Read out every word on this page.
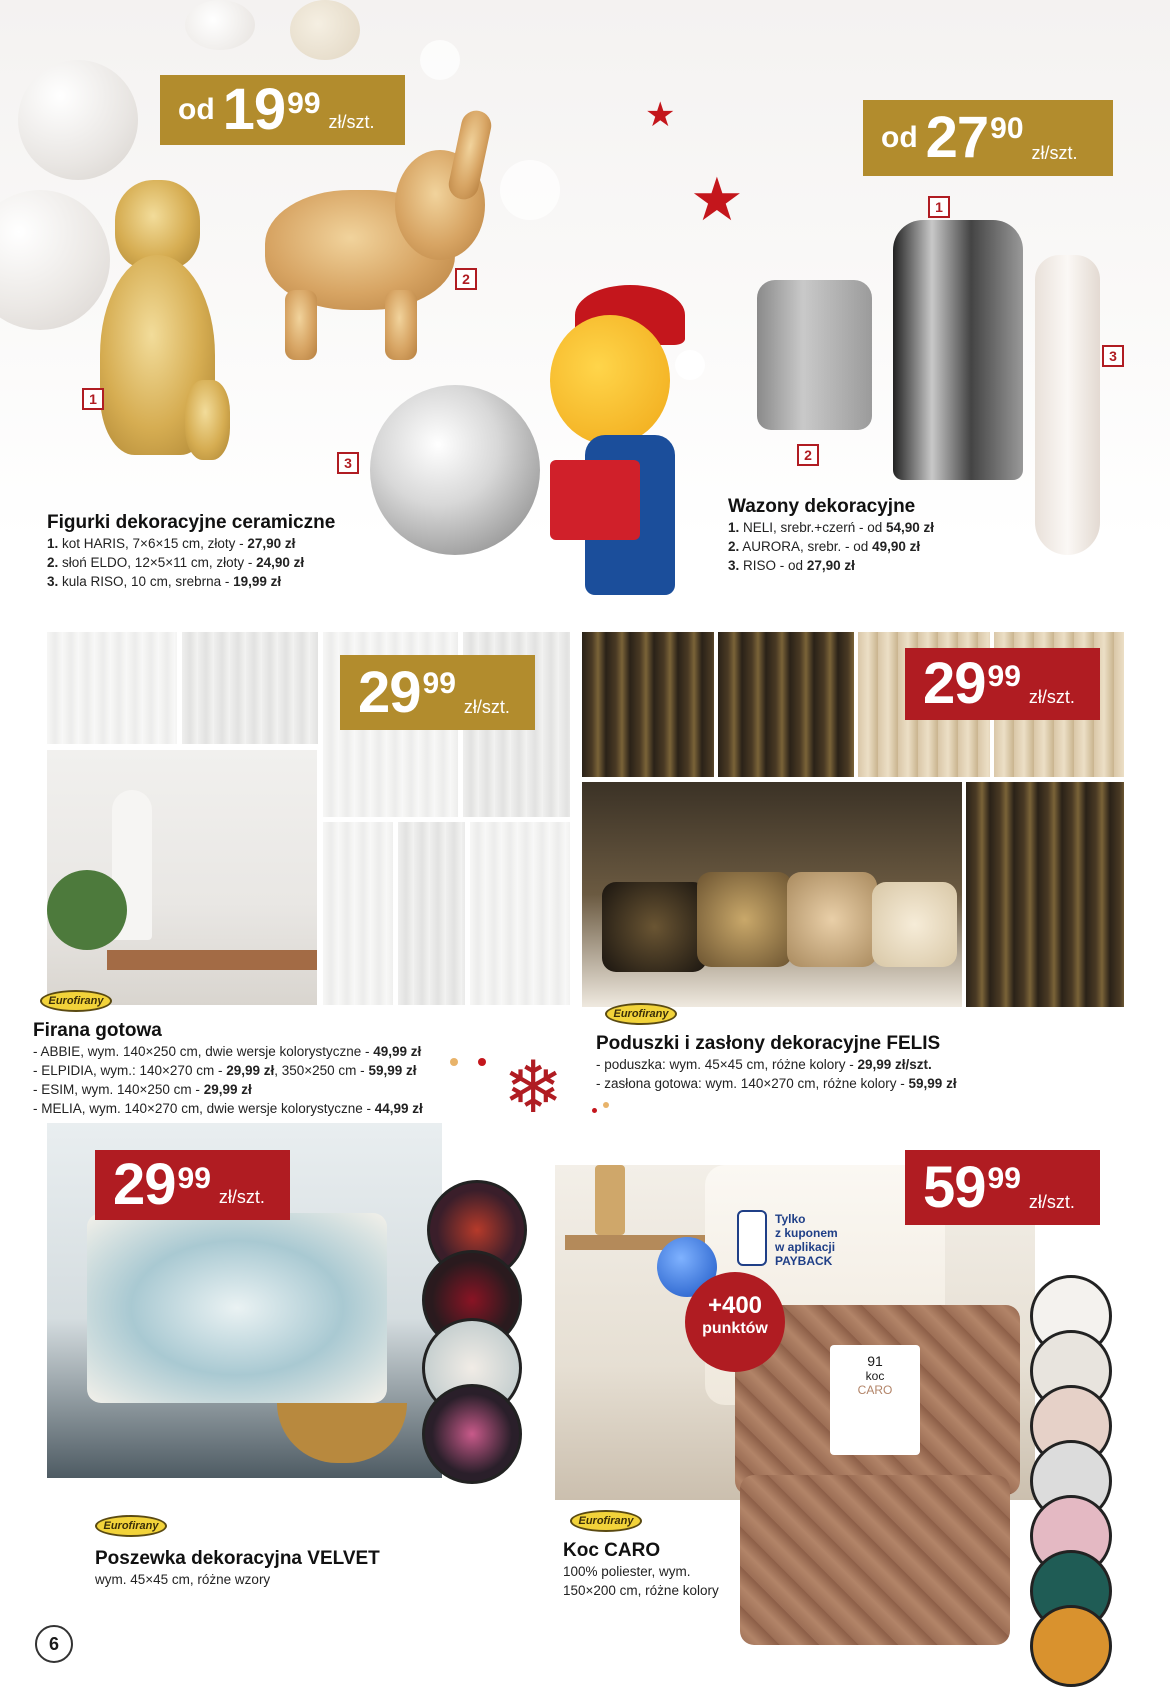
od 19 99
zł/szt.
1
2
3
★
★
od 27 90
zł/szt.
2
1
3
Figurki dekoracyjne ceramiczne
1. kot HARIS, 7×6×15 cm, złoty - 27,90 zł
2. słoń ELDO, 12×5×11 cm, złoty - 24,90 zł
3. kula RISO, 10 cm, srebrna - 19,99 zł
Wazony dekoracyjne
1. NELI, srebr.+czerń - od 54,90 zł
2. AURORA, srebr. - od 49,90 zł
3. RISO - od 27,90 zł
29 99
zł/szt.
Eurofirany
Firana gotowa
- ABBIE, wym. 140×250 cm, dwie wersje kolorystyczne - 49,99 zł
- ELPIDIA, wym.: 140×270 cm - 29,99 zł, 350×250 cm - 59,99 zł
- ESIM, wym. 140×250 cm - 29,99 zł
- MELIA, wym. 140×270 cm, dwie wersje kolorystyczne - 44,99 zł	❄
29 99
zł/szt.
Eurofirany
Poduszki i zasłony dekoracyjne FELIS
- poduszka: wym. 45×45 cm, różne kolory - 29,99 zł/szt.
- zasłona gotowa: wym. 140×270 cm, różne kolory - 59,99 zł
29 99
zł/szt.
Eurofirany
Poszewka dekoracyjna VELVET
wym. 45×45 cm, różne wzory
91
koc
CARO
59 99
zł/szt.
Tylko
z kuponem
w aplikacji
PAYBACK
+400
punktów
Eurofirany
Koc CARO
100% poliester, wym.
150×200 cm, różne kolory
6
